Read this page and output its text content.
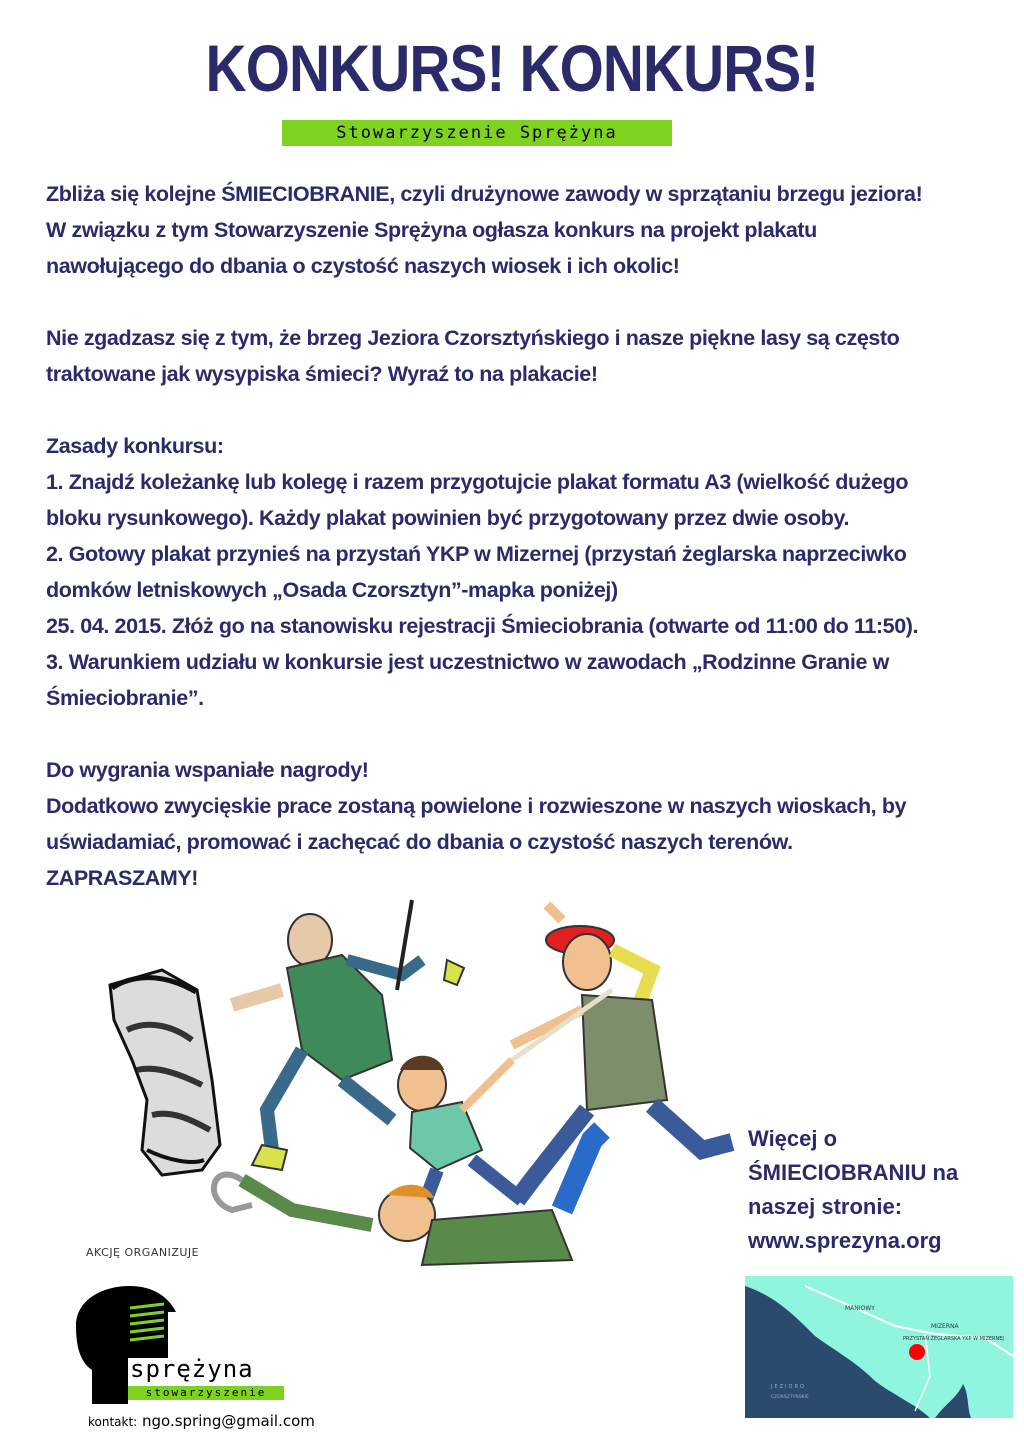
KONKURS! KONKURS!
Stowarzyszenie Sprężyna

Zbliża się kolejne ŚMIECIOBRANIE, czyli drużynowe zawody w sprzątaniu brzegu jeziora!

W związku z tym Stowarzyszenie Sprężyna ogłasza konkurs na projekt plakatu

nawołującego do dbania o czystość naszych wiosek i ich okolic!

Nie zgadzasz się z tym, że brzeg Jeziora Czorsztyńskiego i nasze piękne lasy są często

traktowane jak wysypiska śmieci? Wyraź to na plakacie!

Zasady konkursu:

1. Znajdź koleżankę lub kolegę i razem przygotujcie plakat formatu A3 (wielkość dużego

bloku rysunkowego). Każdy plakat powinien być przygotowany przez dwie osoby.

2. Gotowy plakat przynieś na przystań YKP w Mizernej (przystań żeglarska naprzeciwko

domków letniskowych „Osada Czorsztyn”-mapka poniżej)

25. 04. 2015. Złóż go na stanowisku rejestracji Śmieciobrania (otwarte od 11:00 do 11:50).

3. Warunkiem udziału w konkursie jest uczestnictwo w zawodach „Rodzinne Granie w

Śmieciobranie”.

Do wygrania wspaniałe nagrody!

Dodatkowo zwycięskie prace zostaną powielone i rozwieszone w naszych wioskach, by

uświadamiać, promować i zachęcać do dbania o czystość naszych terenów.

ZAPRASZAMY!

Więcej o
ŚMIECIOBRANIU na
naszej stronie:
www.sprezyna.org
AKCJĘ ORGANIZUJE
sprężyna
stowarzyszenie
kontakt: ngo.spring@gmail.com
MANIOWY
MIZERNA
PRZYSTAŃ ŻEGLARSKA YKP W MIZERNEJ
JEZIORO
CZORSZTYŃSKIE
